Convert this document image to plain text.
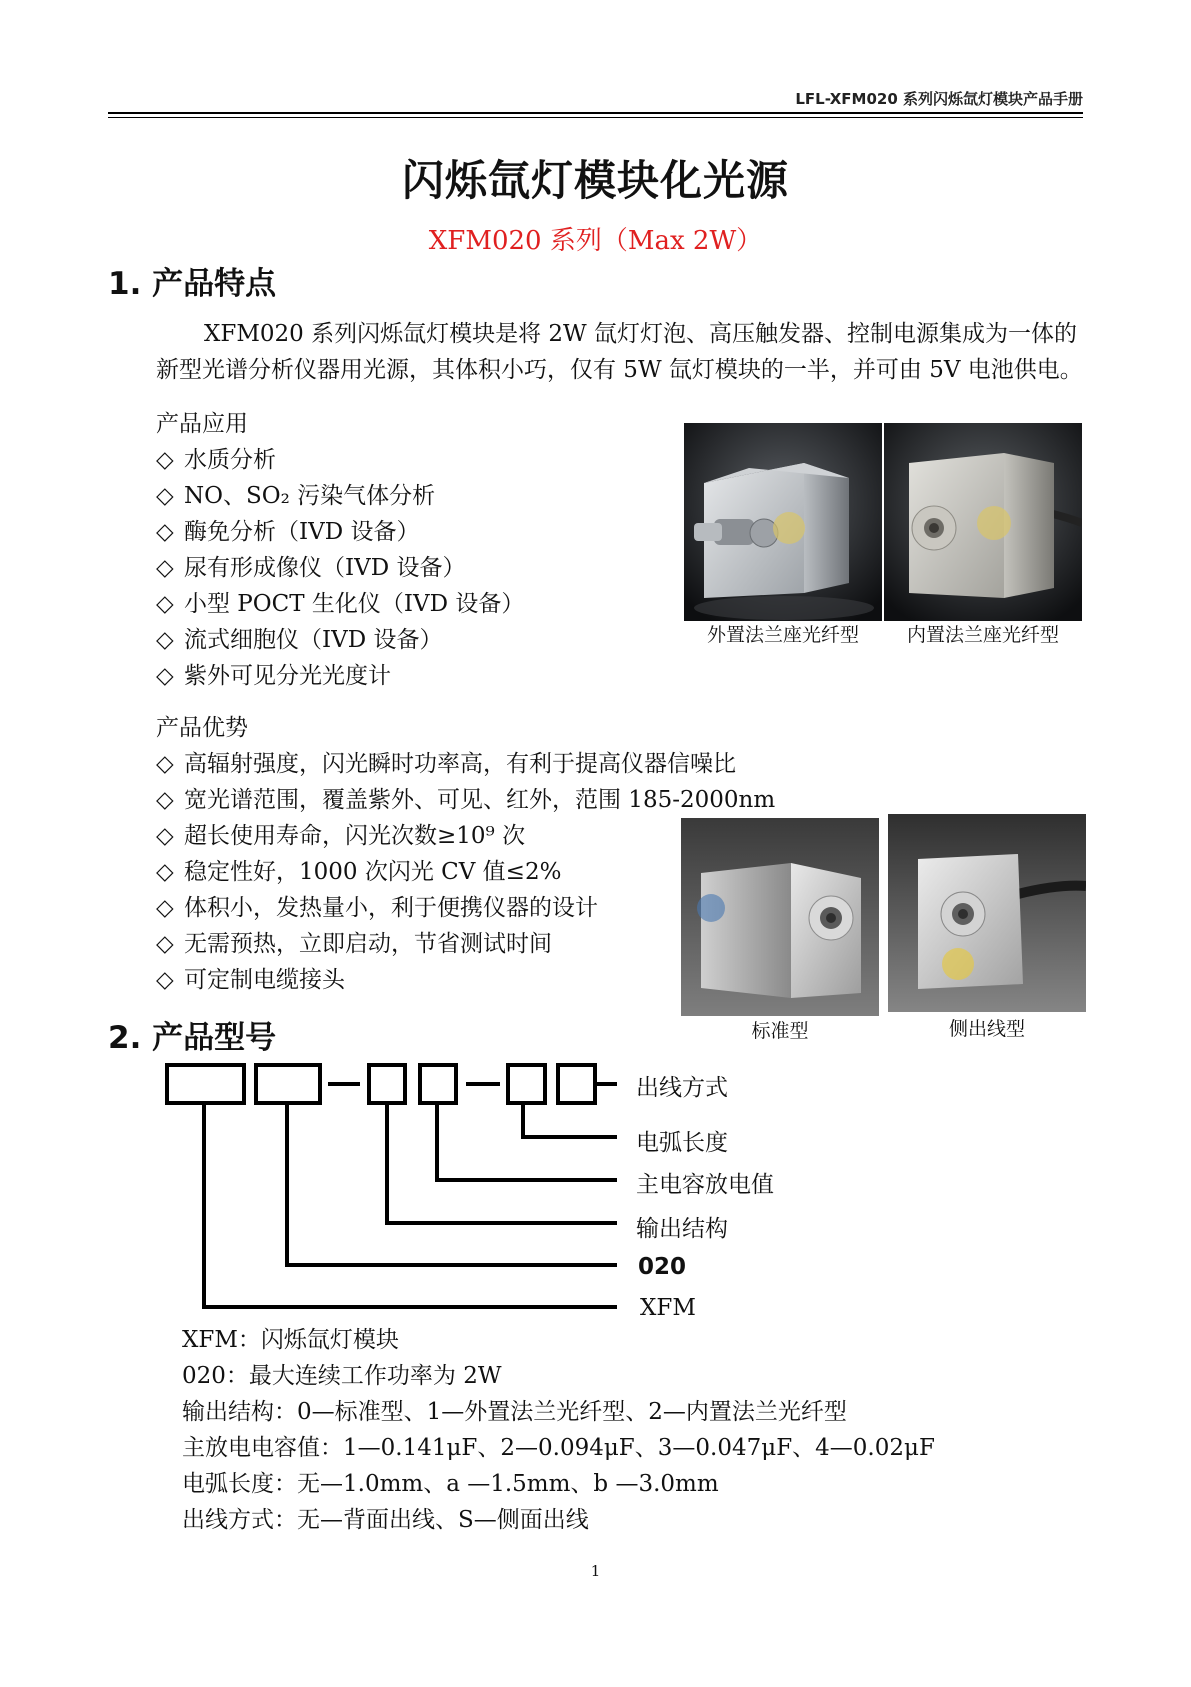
LFL-XFM020 系列闪烁氙灯模块产品手册
闪烁氙灯模块化光源
XFM020 系列（Max 2W）
1. 产品特点
XFM020 系列闪烁氙灯模块是将 2W 氙灯灯泡、高压触发器、控制电源集成为一体的新型光谱分析仪器用光源，其体积小巧，仅有 5W 氙灯模块的一半，并可由 5V 电池供电。
产品应用
◇ 水质分析
◇ NO、SO₂ 污染气体分析
◇ 酶免分析（IVD 设备）
◇ 尿有形成像仪（IVD 设备）
◇ 小型 POCT 生化仪（IVD 设备）
◇ 流式细胞仪（IVD 设备）
◇ 紫外可见分光光度计
产品优势
◇ 高辐射强度，闪光瞬时功率高，有利于提高仪器信噪比
◇ 宽光谱范围，覆盖紫外、可见、红外，范围 185-2000nm
◇ 超长使用寿命，闪光次数≥10⁹ 次
◇ 稳定性好，1000 次闪光 CV 值≤2%
◇ 体积小，发热量小，利于便携仪器的设计
◇ 无需预热，立即启动，节省测试时间
◇ 可定制电缆接头
外置法兰座光纤型	内置法兰座光纤型
标准型	侧出线型
2. 产品型号
出线方式
电弧长度
主电容放电值
输出结构
020
XFM
XFM：闪烁氙灯模块
020：最大连续工作功率为 2W
输出结构：0—标准型、1—外置法兰光纤型、2—内置法兰光纤型
主放电电容值：1—0.141μF、2—0.094μF、3—0.047μF、4—0.02μF
电弧长度：无—1.0mm、a —1.5mm、b —3.0mm
出线方式：无—背面出线、S—侧面出线
1
